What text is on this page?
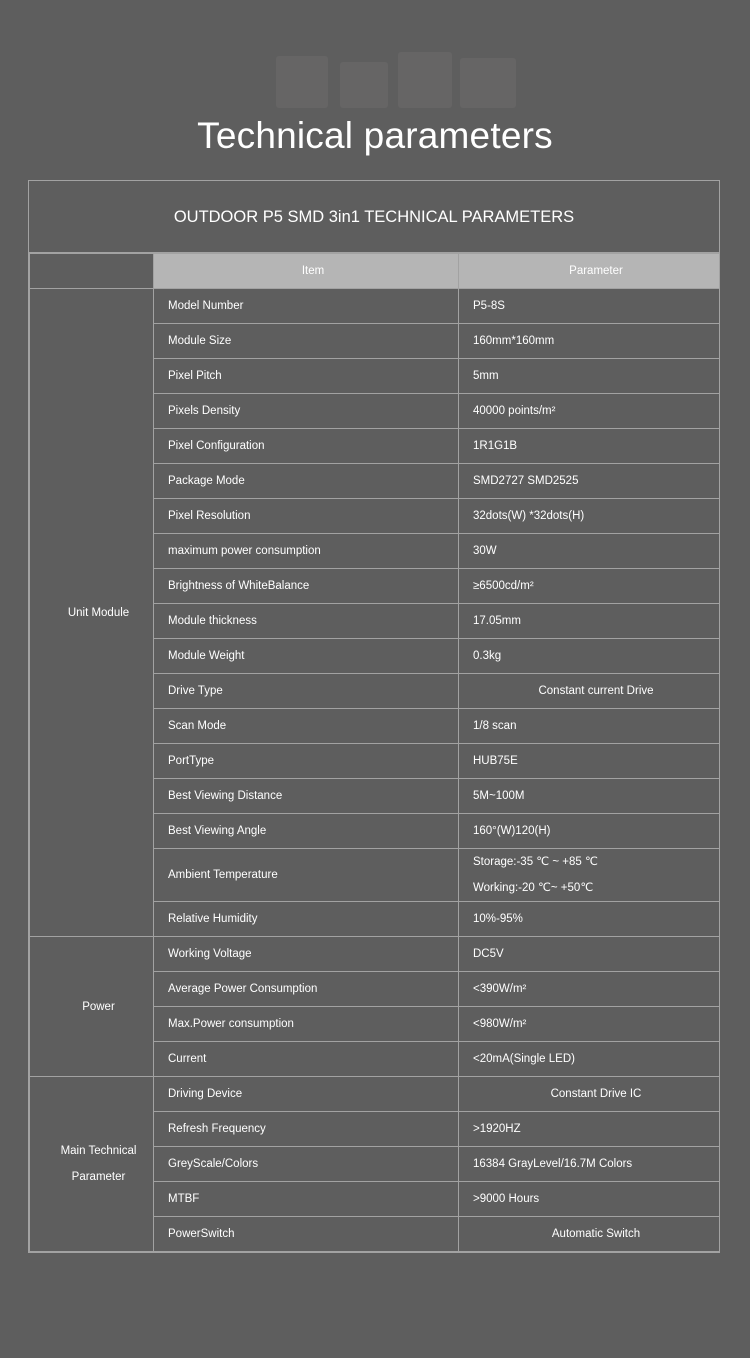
Technical parameters
OUTDOOR P5 SMD 3in1 TECHNICAL PARAMETERS
	Item	Parameter
Unit Module	Model Number	P5-8S
	Module Size	160mm*160mm
	Pixel Pitch	5mm
	Pixels Density	40000 points/m²
	Pixel Configuration	1R1G1B
	Package Mode	SMD2727 SMD2525
	Pixel Resolution	32dots(W) *32dots(H)
	maximum power consumption	30W
	Brightness of WhiteBalance	≥6500cd/m²
	Module thickness	17.05mm
	Module Weight	0.3kg
	Drive Type	Constant current Drive
	Scan Mode	1/8 scan
	PortType	HUB75E
	Best Viewing Distance	5M~100M
	Best Viewing Angle	160°(W)120(H)
	Ambient Temperature	Storage:-35 ℃ ~ +85 ℃
Working:-20 ℃~ +50℃

	Relative Humidity	10%-95%
Power	Working Voltage	DC5V
	Average Power Consumption	<390W/m²
	Max.Power consumption	<980W/m²
	Current	<20mA(Single LED)

Main Technical
Parameter	Driving Device	Constant Drive IC
	Refresh Frequency	>1920HZ
	GreyScale/Colors	16384 GrayLevel/16.7M Colors
	MTBF	>9000 Hours
	PowerSwitch	Automatic Switch
